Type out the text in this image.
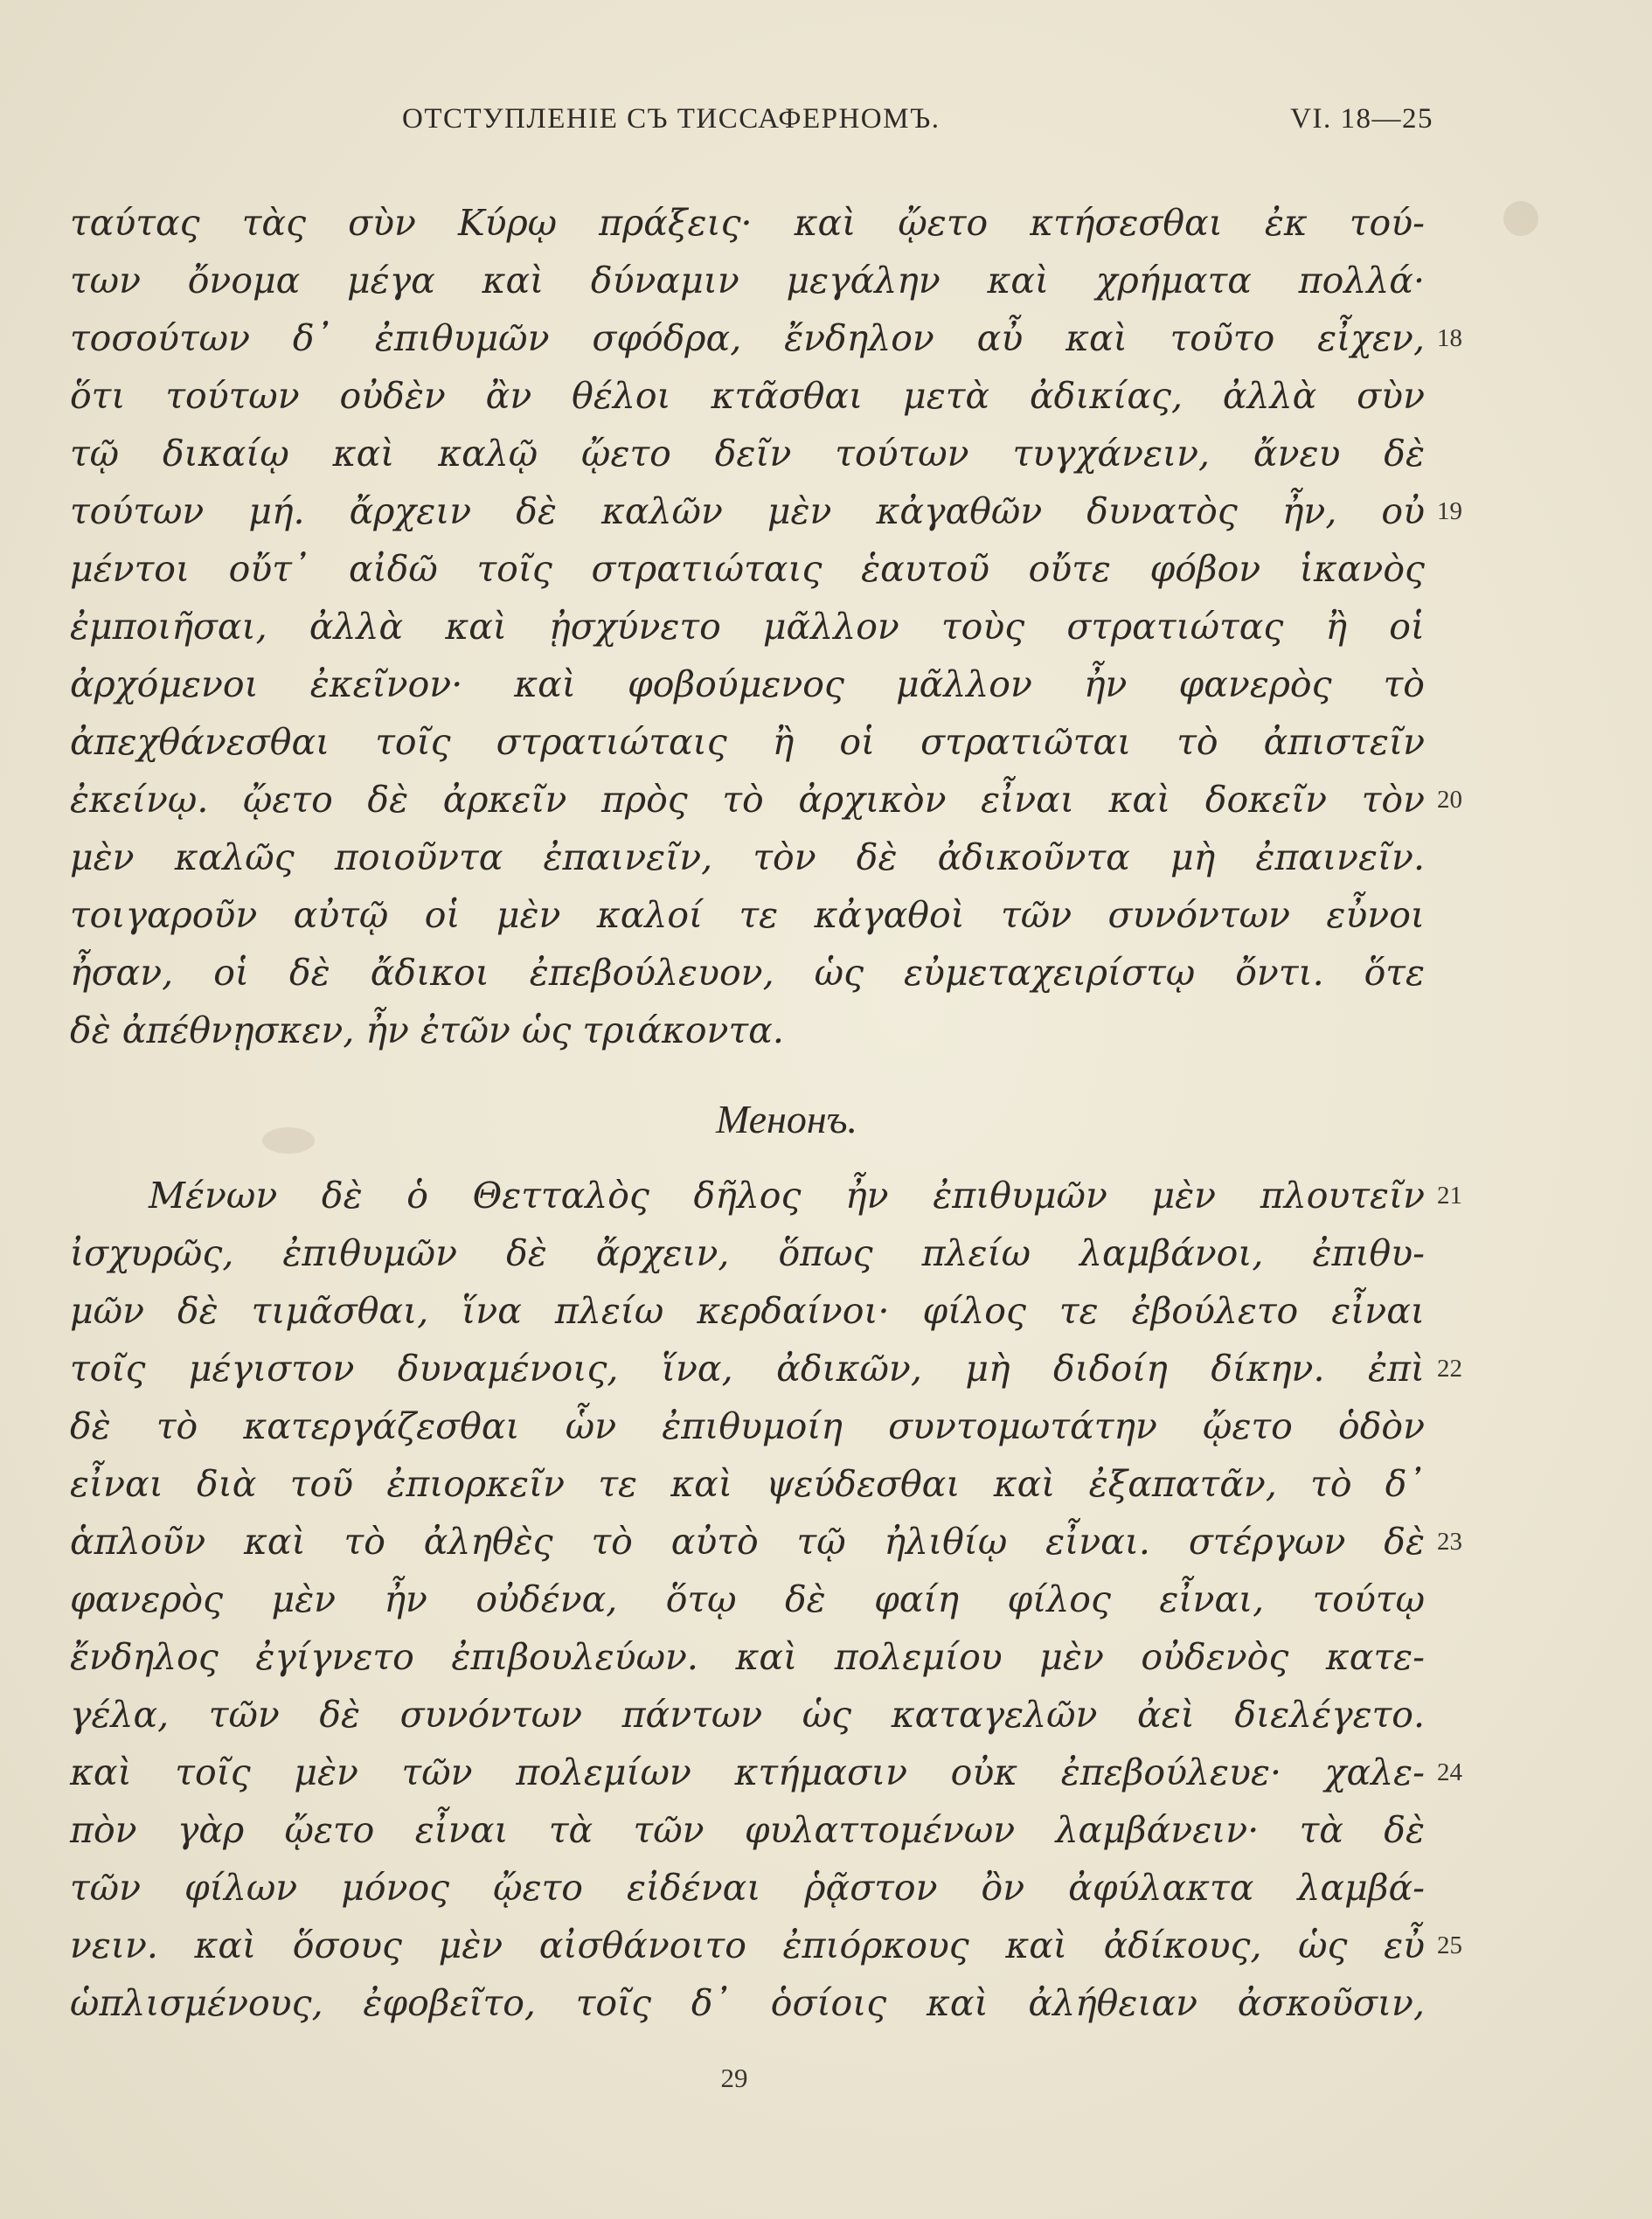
ОТСТУПЛЕНІЕ СЪ ТИССАФЕРНОМЪ.	VI. 18—25
ταύτας τὰς σὺν Κύρῳ πράξεις· καὶ ᾤετο κτήσεσθαι ἐκ τού-
των ὄνομα μέγα καὶ δύναμιν μεγάλην καὶ χρήματα πολλά·
τοσούτων δ᾽ ἐπιθυμῶν σφόδρα, ἔνδηλον αὖ καὶ τοῦτο εἶχεν,
ὅτι τούτων οὐδὲν ἂν θέλοι κτᾶσθαι μετὰ ἀδικίας, ἀλλὰ σὺν
τῷ δικαίῳ καὶ καλῷ ᾤετο δεῖν τούτων τυγχάνειν, ἄνευ δὲ
τούτων μή. ἄρχειν δὲ καλῶν μὲν κἀγαθῶν δυνατὸς ἦν, οὐ
μέντοι οὔτ᾽ αἰδῶ τοῖς στρατιώταις ἑαυτοῦ οὔτε φόβον ἱκανὸς
ἐμποιῆσαι, ἀλλὰ καὶ ᾐσχύνετο μᾶλλον τοὺς στρατιώτας ἢ οἱ
ἀρχόμενοι ἐκεῖνον· καὶ φοβούμενος μᾶλλον ἦν φανερὸς τὸ
ἀπεχθάνεσθαι τοῖς στρατιώταις ἢ οἱ στρατιῶται τὸ ἀπιστεῖν
ἐκείνῳ. ᾤετο δὲ ἀρκεῖν πρὸς τὸ ἀρχικὸν εἶναι καὶ δοκεῖν τὸν
μὲν καλῶς ποιοῦντα ἐπαινεῖν, τὸν δὲ ἀδικοῦντα μὴ ἐπαινεῖν.
τοιγαροῦν αὐτῷ οἱ μὲν καλοί τε κἀγαθοὶ τῶν συνόντων εὖνοι
ἦσαν, οἱ δὲ ἄδικοι ἐπεβούλευον, ὡς εὐμεταχειρίστῳ ὄντι. ὅτε
δὲ ἀπέθνῃσκεν, ἦν ἐτῶν ὡς τριάκοντα.
18
19
20
Менонъ.
Μένων δὲ ὁ Θετταλὸς δῆλος ἦν ἐπιθυμῶν μὲν πλουτεῖν
ἰσχυρῶς, ἐπιθυμῶν δὲ ἄρχειν, ὅπως πλείω λαμβάνοι, ἐπιθυ-
μῶν δὲ τιμᾶσθαι, ἵνα πλείω κερδαίνοι· φίλος τε ἐβούλετο εἶναι
τοῖς μέγιστον δυναμένοις, ἵνα, ἀδικῶν, μὴ διδοίη δίκην. ἐπὶ
δὲ τὸ κατεργάζεσθαι ὧν ἐπιθυμοίη συντομωτάτην ᾤετο ὁδὸν
εἶναι διὰ τοῦ ἐπιορκεῖν τε καὶ ψεύδεσθαι καὶ ἐξαπατᾶν, τὸ δ᾽
ἁπλοῦν καὶ τὸ ἀληθὲς τὸ αὐτὸ τῷ ἠλιθίῳ εἶναι. στέργων δὲ
φανερὸς μὲν ἦν οὐδένα, ὅτῳ δὲ φαίη φίλος εἶναι, τούτῳ
ἔνδηλος ἐγίγνετο ἐπιβουλεύων. καὶ πολεμίου μὲν οὐδενὸς κατε-
γέλα, τῶν δὲ συνόντων πάντων ὡς καταγελῶν ἀεὶ διελέγετο.
καὶ τοῖς μὲν τῶν πολεμίων κτήμασιν οὐκ ἐπεβούλευε· χαλε-
πὸν γὰρ ᾤετο εἶναι τὰ τῶν φυλαττομένων λαμβάνειν· τὰ δὲ
τῶν φίλων μόνος ᾤετο εἰδέναι ῥᾷστον ὂν ἀφύλακτα λαμβά-
νειν. καὶ ὅσους μὲν αἰσθάνοιτο ἐπιόρκους καὶ ἀδίκους, ὡς εὖ
ὡπλισμένους, ἐφοβεῖτο, τοῖς δ᾽ ὁσίοις καὶ ἀλήθειαν ἀσκοῦσιν,
21
22
23
24
25
29
